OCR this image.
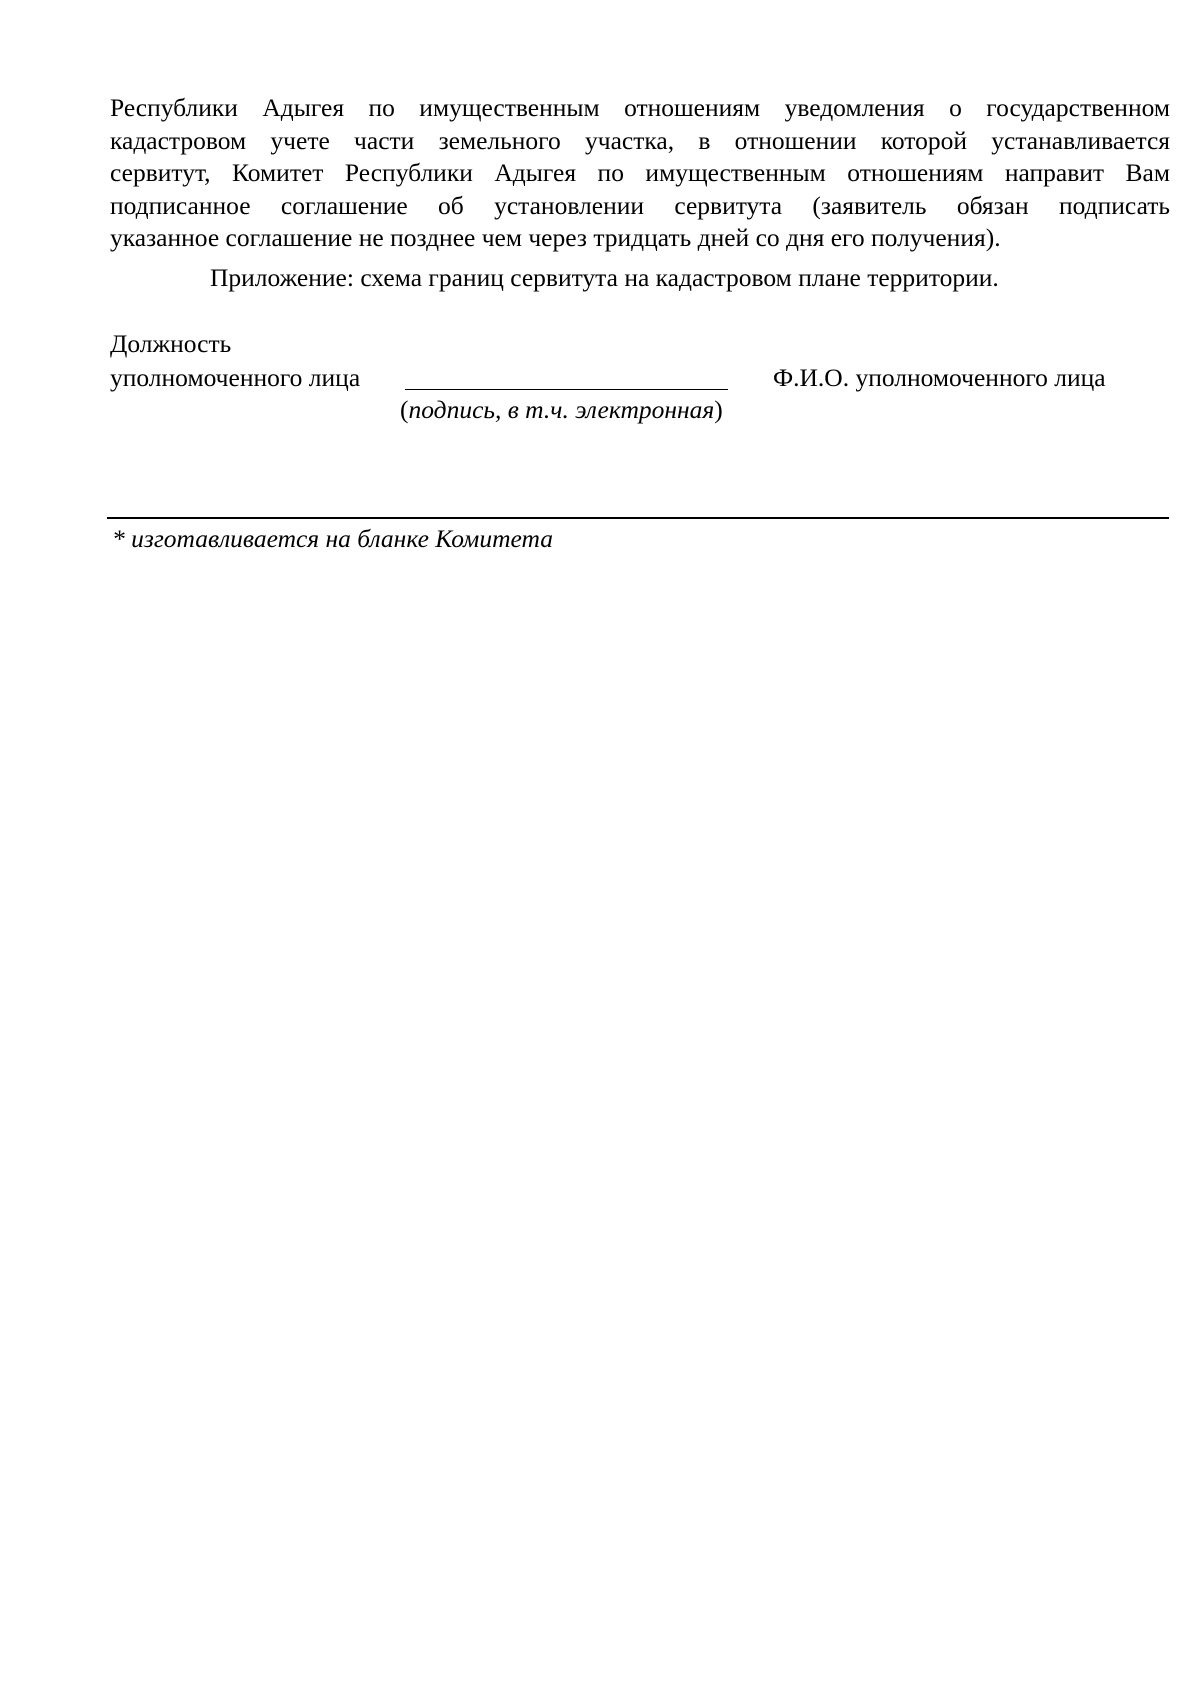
Республики Адыгея по имущественным отношениям уведомления о государственном
кадастровом учете части земельного участка, в отношении которой устанавливается
сервитут, Комитет Республики Адыгея по имущественным отношениям направит Вам
подписанное соглашение об установлении сервитута (заявитель обязан подписать
указанное соглашение не позднее чем через тридцать дней со дня его получения).
Приложение: схема границ сервитута на кадастровом плане территории.
Должность
уполномоченного лица
(подпись, в т.ч. электронная)
Ф.И.О. уполномоченного лица
* изготавливается на бланке Комитета
